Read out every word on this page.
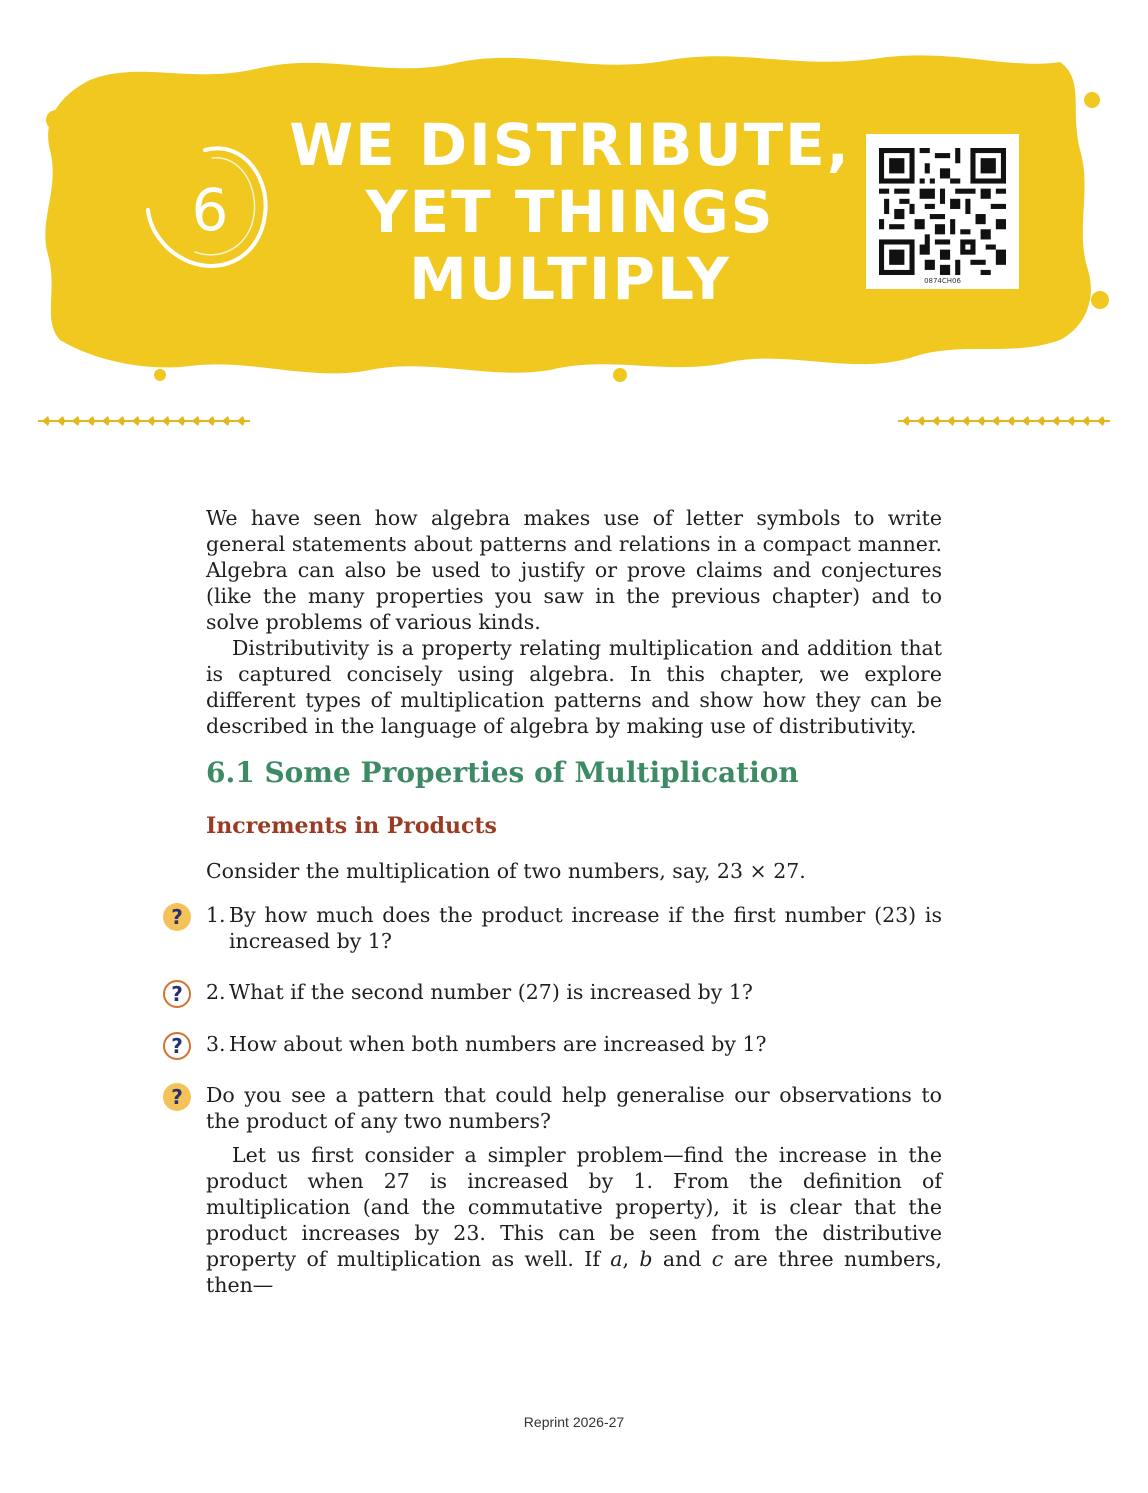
6
WE DISTRIBUTE,
YET THINGS
MULTIPLY	0874CH06

We have seen how algebra makes use of letter symbols to write general statements about patterns and relations in a compact manner. Algebra can also be used to justify or prove claims and conjectures (like the many properties you saw in the previous chapter) and to solve problems of various kinds.

Distributivity is a property relating multiplication and addition that is captured concisely using algebra. In this chapter, we explore different types of multiplication patterns and show how they can be described in the language of algebra by making use of distributivity.

6.1 Some Properties of Multiplication
Increments in Products

Consider the multiplication of two numbers, say, 23 × 27.

?	1. By how much does the product increase if the first number (23) is increased by 1?

?	2. What if the second number (27) is increased by 1?

?	3. How about when both numbers are increased by 1?

?	Do you see a pattern that could help generalise our observations to the product of any two numbers?

Let us first consider a simpler problem—find the increase in the product when 27 is increased by 1. From the definition of multiplication (and the commutative property), it is clear that the product increases by 23. This can be seen from the distributive property of multiplication as well. If a, b and c are three numbers, then—

Reprint 2026-27
